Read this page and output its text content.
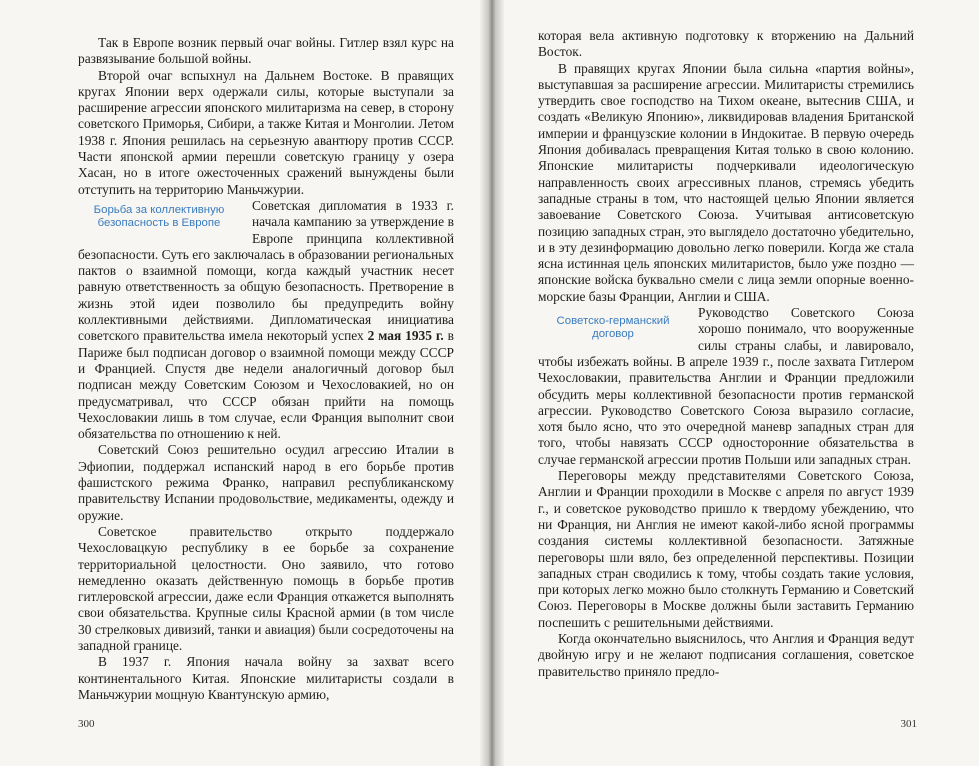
Так в Европе возник первый очаг войны. Гитлер взял курс на развязывание большой войны.

Второй очаг вспыхнул на Дальнем Востоке. В правящих кругах Японии верх одержали силы, которые выступали за расширение агрессии японского милитаризма на север, в сторону советского Приморья, Сибири, а также Китая и Монголии. Летом 1938 г. Япония решилась на серьезную авантюру против СССР. Части японской армии перешли советскую границу у озера Хасан, но в итоге ожесточенных сражений вынуждены были отступить на территорию Маньчжурии.

Борьба за коллективную безопасность в Европе
Советская дипломатия в 1933 г. начала кампанию за утверждение в Европе принципа коллективной безопасности. Суть его заключалась в образовании региональных пактов о взаимной помощи, когда каждый участник несет равную ответственность за общую безопасность. Претворение в жизнь этой идеи позволило бы предупредить войну коллективными действиями. Дипломатическая инициатива советского правительства имела некоторый успех 2 мая 1935 г. в Париже был подписан договор о взаимной помощи между СССР и Францией. Спустя две недели аналогичный договор был подписан между Советским Союзом и Чехословакией, но он предусматривал, что СССР обязан прийти на помощь Чехословакии лишь в том случае, если Франция выполнит свои обязательства по отношению к ней.

Советский Союз решительно осудил агрессию Италии в Эфиопии, поддержал испанский народ в его борьбе против фашистского режима Франко, направил республиканскому правительству Испании продовольствие, медикаменты, одежду и оружие.

Советское правительство открыто поддержало Чехословацкую республику в ее борьбе за сохранение территориальной целостности. Оно заявило, что готово немедленно оказать действенную помощь в борьбе против гитлеровской агрессии, даже если Франция откажется выполнять свои обязательства. Крупные силы Красной армии (в том числе 30 стрелковых дивизий, танки и авиация) были сосредоточены на западной границе.

В 1937 г. Япония начала войну за захват всего континентального Китая. Японские милитаристы создали в Маньчжурии мощную Квантунскую армию,

300

которая вела активную подготовку к вторжению на Дальний Восток.

В правящих кругах Японии была сильна «партия войны», выступавшая за расширение агрессии. Милитаристы стремились утвердить свое господство на Тихом океане, вытеснив США, и создать «Великую Японию», ликвидировав владения Британской империи и французские колонии в Индокитае. В первую очередь Япония добивалась превращения Китая только в свою колонию. Японские милитаристы подчеркивали идеологическую направленность своих агрессивных планов, стремясь убедить западные страны в том, что настоящей целью Японии является завоевание Советского Союза. Учитывая антисоветскую позицию западных стран, это выглядело достаточно убедительно, и в эту дезинформацию довольно легко поверили. Когда же стала ясна истинная цель японских милитаристов, было уже поздно — японские войска буквально смели с лица земли опорные военно-морские базы Франции, Англии и США.

Советско-германский договор
Руководство Советского Союза хорошо понимало, что вооруженные силы страны слабы, и лавировало, чтобы избежать войны. В апреле 1939 г., после захвата Гитлером Чехословакии, правительства Англии и Франции предложили обсудить меры коллективной безопасности против германской агрессии. Руководство Советского Союза выразило согласие, хотя было ясно, что это очередной маневр западных стран для того, чтобы навязать СССР односторонние обязательства в случае германской агрессии против Польши или западных стран.

Переговоры между представителями Советского Союза, Англии и Франции проходили в Москве с апреля по август 1939 г., и советское руководство пришло к твердому убеждению, что ни Франция, ни Англия не имеют какой-либо ясной программы создания системы коллективной безопасности. Затяжные переговоры шли вяло, без определенной перспективы. Позиции западных стран сводились к тому, чтобы создать такие условия, при которых легко можно было столкнуть Германию и Советский Союз. Переговоры в Москве должны были заставить Германию поспешить с решительными действиями.

Когда окончательно выяснилось, что Англия и Франция ведут двойную игру и не желают подписания соглашения, советское правительство приняло предло-

301
